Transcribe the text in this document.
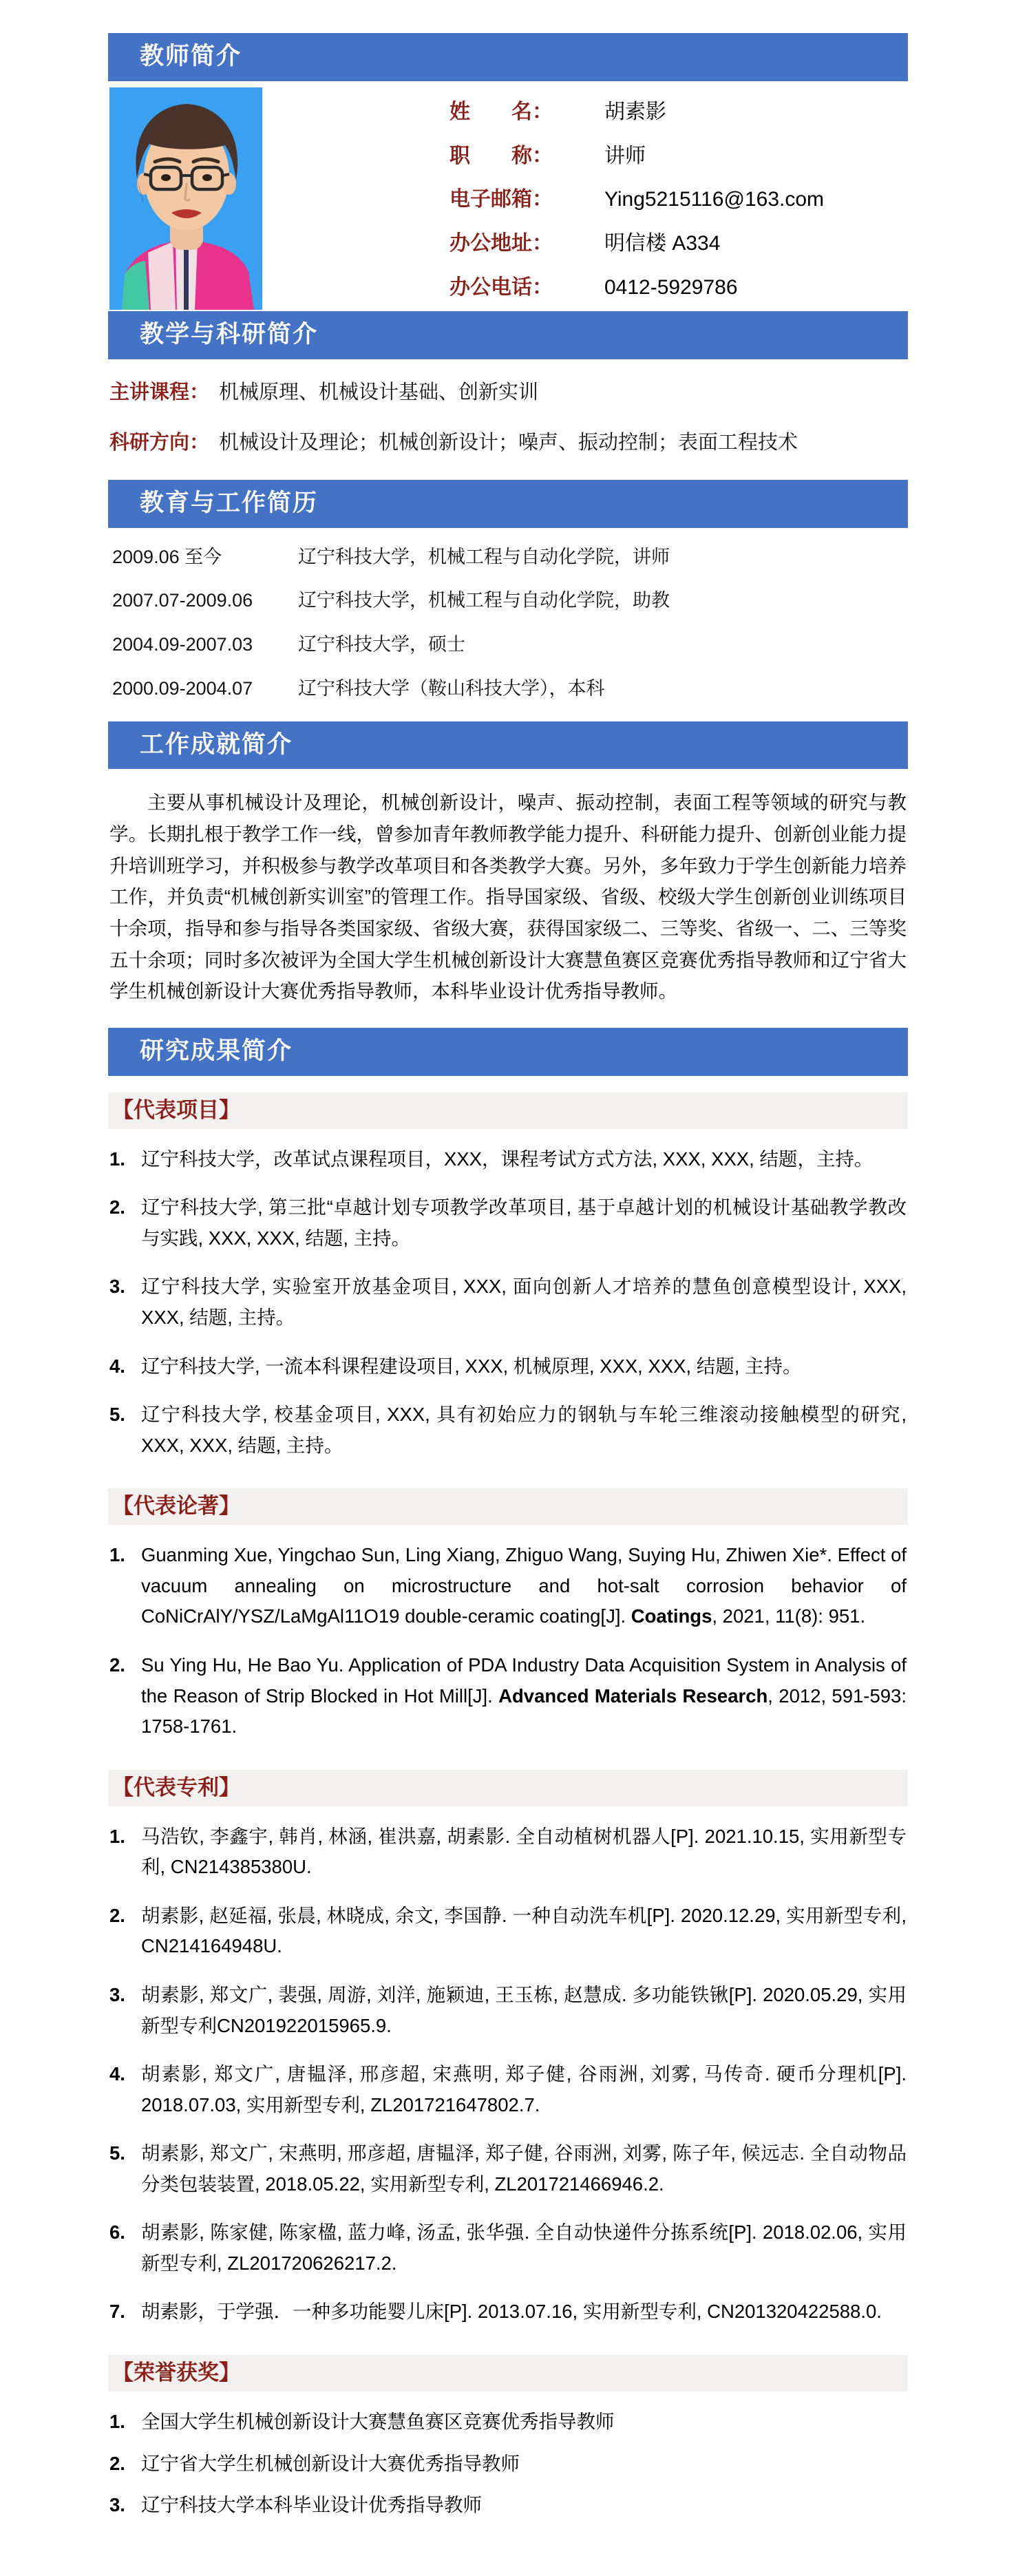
教师简介
姓　　名：	胡素影
职　　称：	讲师
电子邮箱：	Ying5215116@163.com
办公地址：	明信楼 A334
办公电话：	0412-5929786
教学与科研简介
主讲课程： 机械原理、机械设计基础、创新实训
科研方向： 机械设计及理论；机械创新设计；噪声、振动控制；表面工程技术
教育与工作简历
2009.06 至今	辽宁科技大学，机械工程与自动化学院，讲师
2007.07-2009.06	辽宁科技大学，机械工程与自动化学院，助教
2004.09-2007.03	辽宁科技大学，硕士
2000.09-2004.07	辽宁科技大学（鞍山科技大学），本科
工作成就简介

主要从事机械设计及理论，机械创新设计，噪声、振动控制，表面工程等领域的研究与教学。长期扎根于教学工作一线，曾参加青年教师教学能力提升、科研能力提升、创新创业能力提升培训班学习，并积极参与教学改革项目和各类教学大赛。另外，多年致力于学生创新能力培养工作，并负责“机械创新实训室”的管理工作。指导国家级、省级、校级大学生创新创业训练项目十余项，指导和参与指导各类国家级、省级大赛，获得国家级二、三等奖、省级一、二、三等奖五十余项；同时多次被评为全国大学生机械创新设计大赛慧鱼赛区竞赛优秀指导教师和辽宁省大学生机械创新设计大赛优秀指导教师，本科毕业设计优秀指导教师。

研究成果简介
【代表项目】
辽宁科技大学，改革试点课程项目，XXX，课程考试方式方法, XXX, XXX, 结题，主持。
辽宁科技大学, 第三批“卓越计划专项教学改革项目, 基于卓越计划的机械设计基础教学教改与实践, XXX, XXX, 结题, 主持。
辽宁科技大学, 实验室开放基金项目, XXX, 面向创新人才培养的慧鱼创意模型设计, XXX, XXX, 结题, 主持。
辽宁科技大学, 一流本科课程建设项目, XXX, 机械原理, XXX, XXX, 结题, 主持。
辽宁科技大学, 校基金项目, XXX, 具有初始应力的钢轨与车轮三维滚动接触模型的研究, XXX, XXX, 结题, 主持。
【代表论著】
Guanming Xue, Yingchao Sun, Ling Xiang, Zhiguo Wang, Suying Hu, Zhiwen Xie*. Effect of vacuum annealing on microstructure and hot-salt corrosion behavior of CoNiCrAlY/YSZ/LaMgAl11O19 double-ceramic coating[J]. Coatings, 2021, 11(8): 951.
Su Ying Hu, He Bao Yu. Application of PDA Industry Data Acquisition System in Analysis of the Reason of Strip Blocked in Hot Mill[J]. Advanced Materials Research, 2012, 591-593: 1758-1761.
【代表专利】
马浩钦, 李鑫宇, 韩肖, 林涵, 崔洪嘉, 胡素影. 全自动植树机器人[P]. 2021.10.15, 实用新型专利, CN214385380U.
胡素影, 赵延福, 张晨, 林晓成, 余文, 李国静. 一种自动洗车机[P]. 2020.12.29, 实用新型专利, CN214164948U.
胡素影, 郑文广, 裴强, 周游, 刘洋, 施颖迪, 王玉栋, 赵慧成. 多功能铁锹[P]. 2020.05.29, 实用新型专利CN201922015965.9.
胡素影, 郑文广, 唐韫泽, 邢彦超, 宋燕明, 郑子健, 谷雨洲, 刘雾, 马传奇. 硬币分理机[P]. 2018.07.03, 实用新型专利, ZL201721647802.7.
胡素影, 郑文广, 宋燕明, 邢彦超, 唐韫泽, 郑子健, 谷雨洲, 刘雾, 陈子年, 候远志. 全自动物品分类包装装置, 2018.05.22, 实用新型专利, ZL201721466946.2.
胡素影, 陈家健, 陈家楹, 蓝力峰, 汤孟, 张华强. 全自动快递件分拣系统[P]. 2018.02.06, 实用新型专利, ZL201720626217.2.
胡素影，于学强．一种多功能婴儿床[P]. 2013.07.16, 实用新型专利, CN201320422588.0.
【荣誉获奖】
全国大学生机械创新设计大赛慧鱼赛区竞赛优秀指导教师
辽宁省大学生机械创新设计大赛优秀指导教师
辽宁科技大学本科毕业设计优秀指导教师
